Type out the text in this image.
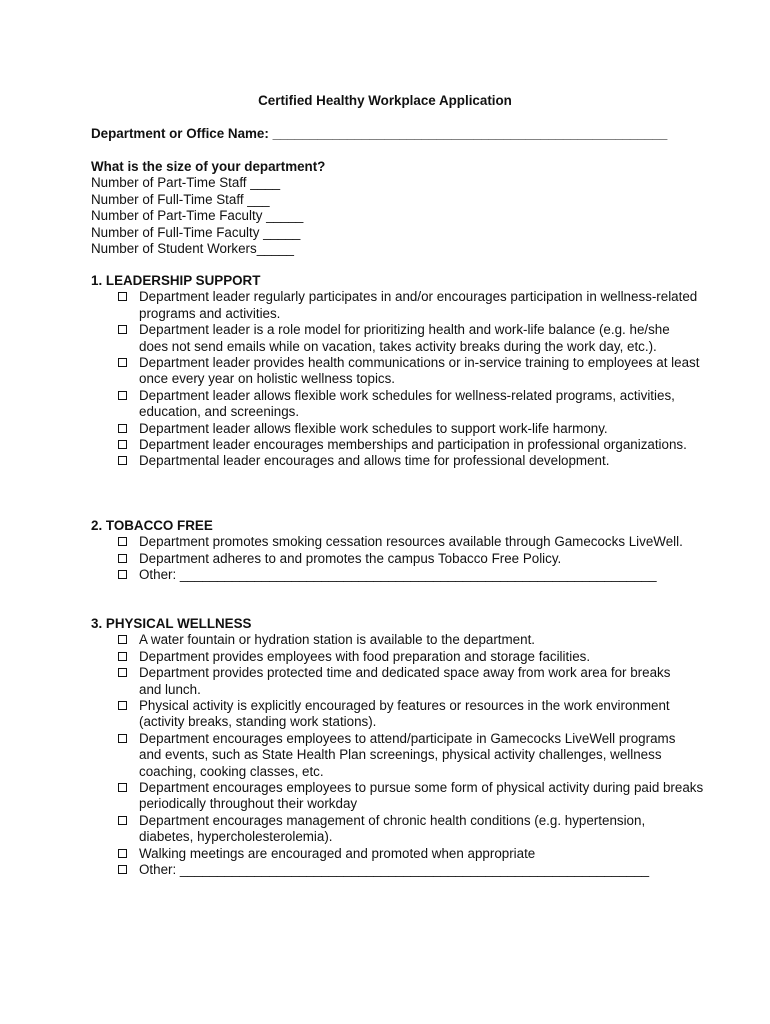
Certified Healthy Workplace Application
Department or Office Name: _____________________________________________________
What is the size of your department?
Number of Part-Time Staff ____
Number of Full-Time Staff ___
Number of Part-Time Faculty _____
Number of Full-Time Faculty _____
Number of Student Workers_____
1. LEADERSHIP SUPPORT
Department leader regularly participates in and/or encourages participation in wellness-related programs and activities.
Department leader is a role model for prioritizing health and work-life balance (e.g. he/she does not send emails while on vacation, takes activity breaks during the work day, etc.).
Department leader provides health communications or in-service training to employees at least once every year on holistic wellness topics.
Department leader allows flexible work schedules for wellness-related programs, activities, education, and screenings.
Department leader allows flexible work schedules to support work-life harmony.
Department leader encourages memberships and participation in professional organizations.
Departmental leader encourages and allows time for professional development.
2. TOBACCO FREE
Department promotes smoking cessation resources available through Gamecocks LiveWell.
Department adheres to and promotes the campus Tobacco Free Policy.
Other: ________________________________________________________________
3. PHYSICAL WELLNESS
A water fountain or hydration station is available to the department.
Department provides employees with food preparation and storage facilities.
Department provides protected time and dedicated space away from work area for breaks and lunch.
Physical activity is explicitly encouraged by features or resources in the work environment (activity breaks, standing work stations).
Department encourages employees to attend/participate in Gamecocks LiveWell programs and events, such as State Health Plan screenings, physical activity challenges, wellness coaching, cooking classes, etc.
Department encourages employees to pursue some form of physical activity during paid breaks periodically throughout their workday
Department encourages management of chronic health conditions (e.g. hypertension, diabetes, hypercholesterolemia).
Walking meetings are encouraged and promoted when appropriate
Other: _______________________________________________________________
